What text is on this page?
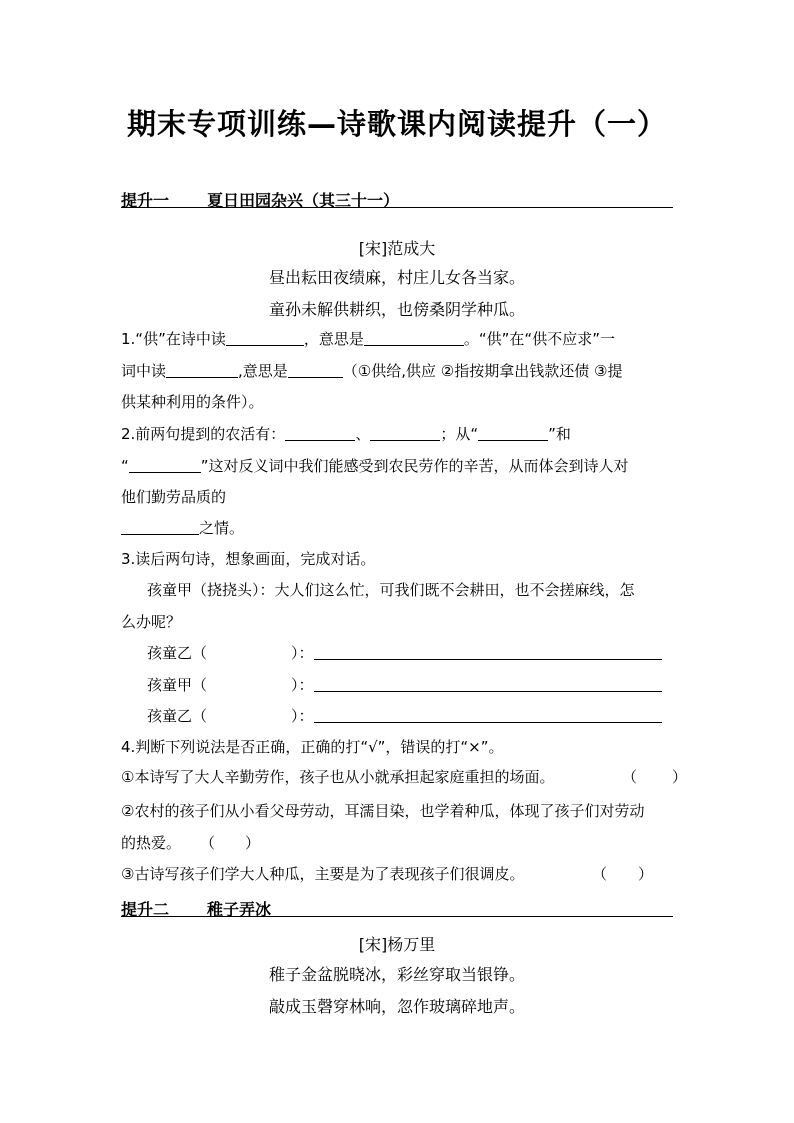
期末专项训练—诗歌课内阅读提升（一）
提升一 夏日田园杂兴（其三十一）
[宋]范成大
昼出耘田夜绩麻，村庄儿女各当家。
童孙未解供耕织，也傍桑阴学种瓜。
1.“供”在诗中读	，意思是	。“供”在“供不应求”一
词中读	,意思是	（①供给,供应 ②指按期拿出钱款还债 ③提
供某种利用的条件）。
2.前两句提到的农活有：	、	；从“	”和
“	”这对反义词中我们能感受到农民劳作的辛苦，从而体会到诗人对
他们勤劳品质的
之情。
3.读后两句诗，想象画面，完成对话。
孩童甲（挠挠头）：大人们这么忙，可我们既不会耕田，也不会搓麻线，怎
么办呢？
孩童乙（	）：
孩童甲（	）：
孩童乙（	）：
4.判断下列说法是否正确，正确的打“√”，错误的打“×”。
①本诗写了大人辛勤劳作，孩子也从小就承担起家庭重担的场面。	（ ）
②农村的孩子们从小看父母劳动，耳濡目染，也学着种瓜，体现了孩子们对劳动
的热爱。 （ ）
③古诗写孩子们学大人种瓜，主要是为了表现孩子们很调皮。	（ ）
提升二 稚子弄冰
[宋]杨万里
稚子金盆脱晓冰，彩丝穿取当银铮。
敲成玉磬穿林响，忽作玻璃碎地声。
